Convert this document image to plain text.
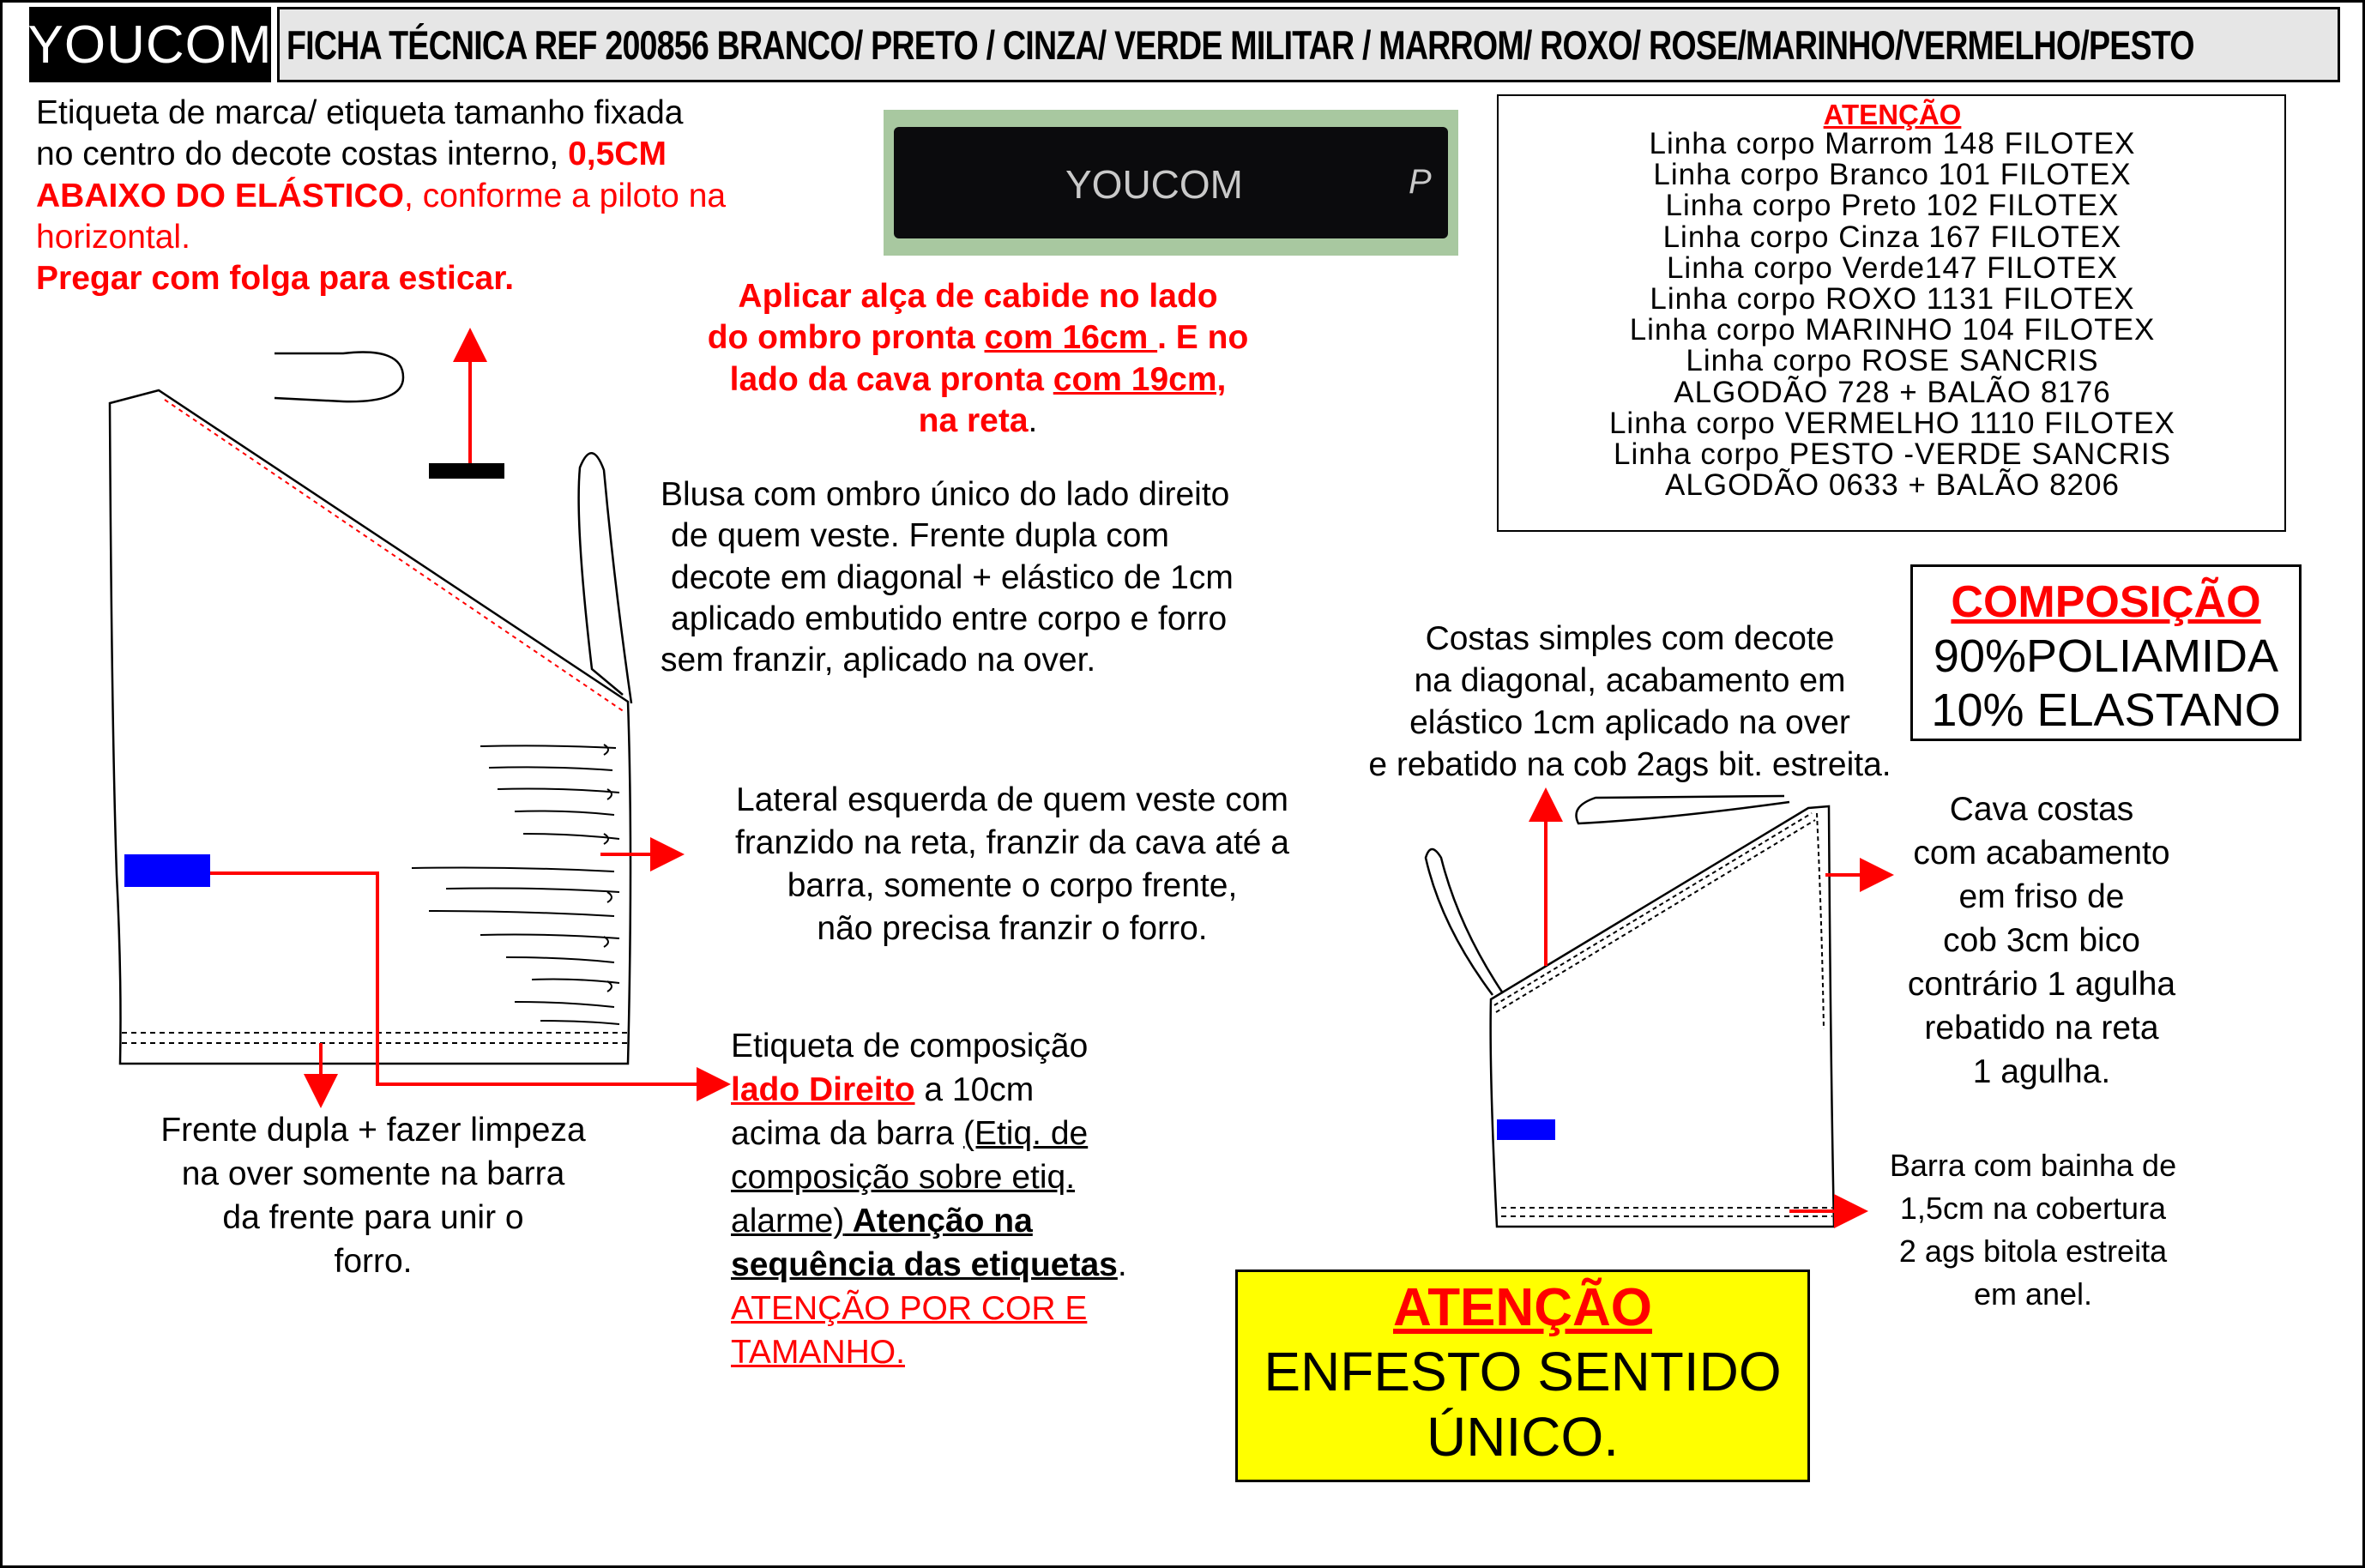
YOUCOM FICHA TÉCNICA REF 200856 BRANCO/ PRETO / CINZA/ VERDE MILITAR / MARROM/ ROXO/ ROSE/MARINHO/VERMELHO/PESTO
Etiqueta de marca/ etiqueta tamanho fixada
no centro do decote costas interno, 0,5CM
ABAIXO DO ELÁSTICO, conforme a piloto na
horizontal.
Pregar com folga para esticar.
YOUCOM	P
Aplicar alça de cabide no lado
do ombro pronta com 16cm . E no
lado da cava pronta com 19cm,
na reta.
Blusa com ombro único do lado direito
de quem veste. Frente dupla com
decote em diagonal + elástico de 1cm
aplicado embutido entre corpo e forro
sem franzir, aplicado na over.
ATENÇÃO
Linha corpo Marrom 148 FILOTEX
Linha corpo Branco 101 FILOTEX
Linha corpo Preto 102 FILOTEX
Linha corpo Cinza 167 FILOTEX
Linha corpo Verde147 FILOTEX
Linha corpo ROXO 1131 FILOTEX
Linha corpo MARINHO 104 FILOTEX
Linha corpo ROSE SANCRIS
ALGODÃO 728 + BALÃO 8176
Linha corpo VERMELHO 1110 FILOTEX
Linha corpo PESTO -VERDE SANCRIS
ALGODÃO 0633 + BALÃO 8206
COMPOSIÇÃO
90%POLIAMIDA
10% ELASTANO
Costas simples com decote
na diagonal, acabamento em
elástico 1cm aplicado na over
e rebatido na cob 2ags bit. estreita.
Lateral esquerda de quem veste com
franzido na reta, franzir da cava até a
barra, somente o corpo frente,
não precisa franzir o forro.
Cava costas
com acabamento
em friso de
cob 3cm bico
contrário 1 agulha
rebatido na reta
1 agulha.
Frente dupla + fazer limpeza
na over somente na barra
da frente para unir o
forro.
Etiqueta de composição
lado Direito a 10cm
acima da barra (Etiq. de
composição sobre etiq.
alarme) Atenção na
sequência das etiquetas.
ATENÇÃO POR COR E
TAMANHO.
Barra com bainha de
1,5cm na cobertura
2 ags bitola estreita
em anel.
ATENÇÃO
ENFESTO SENTIDO
ÚNICO.
